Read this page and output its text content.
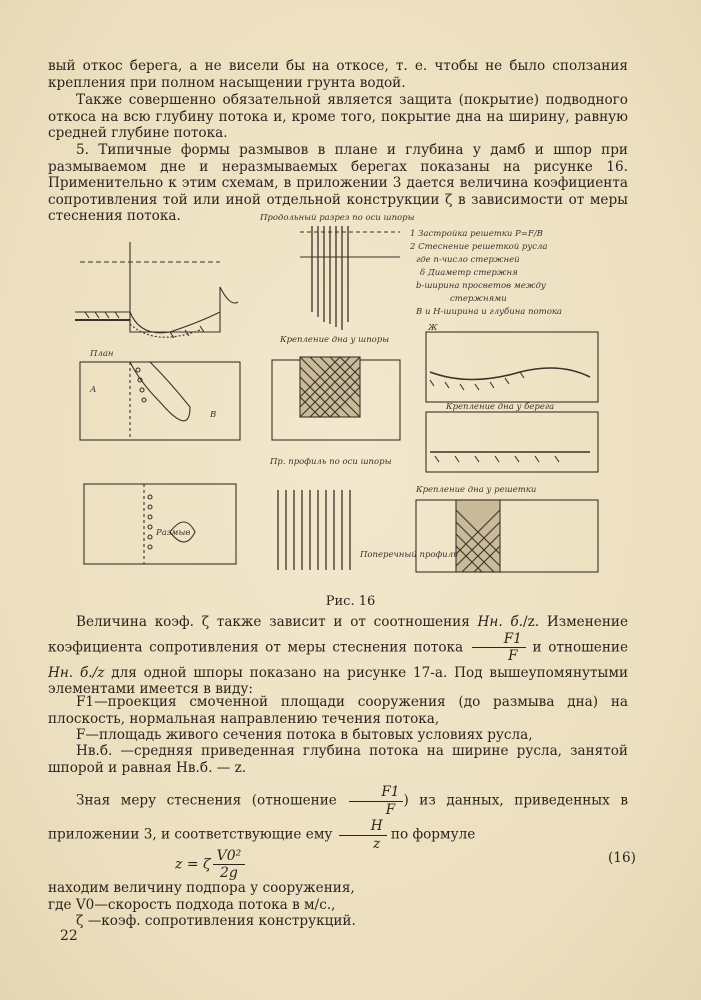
вый откос берега, а не висели бы на откосе, т. е. чтобы не было сползания крепления при полном насыщении грунта водой.
Также совершенно обязательной является защита (покрытие) подводного откоса на всю глубину потока и, кроме того, покрытие дна на ширину, равную средней глубине потока.
5. Типичные формы размывов в плане и глубина у дамб и шпор при размываемом дне и неразмываемых берегах показаны на рисунке 16. Применительно к этим схемам, в приложении 3 дается величина коэфициента сопротивления той или иной отдельной конструкции ζ в зависимости от меры стеснения потока.	Продольный разрез по оси шпоры
1 Застройка решетки P=F/B
2 Стеснение решеткой русла
где n-число стержней
δ Диаметр стержня
b-ширина просветов между
стержнями
B и H-ширина и глубина потока
План
Крепление дна у шпоры
Крепление дна у берега
Крепление дна у решетки
Размыв
Пр. профиль по оси шпоры
Поперечный профиль
Ж
В
А
Рис. 16
Величина коэф. ζ также зависит и от соотношения Hн. б./z. Изменение коэфициента сопротивления от меры стеснения потока $\frac{F1}{F}$ и отношение Hн. б./z для одной шпоры показано на рисунке 17-а. Под вышеупомянутыми элементами имеется в виду:
F1—проекция смоченной площади сооружения (до размыва дна) на плоскость, нормальная направлению течения потока,
F—площадь живого сечения потока в бытовых условиях русла,
Hв.б. —средняя приведенная глубина потока на ширине русла, занятой шпорой и равная Hв.б. — z.
Зная меру стеснения (отношение $\frac{F1}{F}$ ) из данных, приведенных в приложении 3, и соответствующие ему $\frac{H}{z}$ по формуле
z = ζ $\frac{\text{V0²}}{2g}$	(16)
находим величину подпора у сооружения,
где V0—скорость подхода потока в м/с.,
ζ —коэф. сопротивления конструкций.
22
